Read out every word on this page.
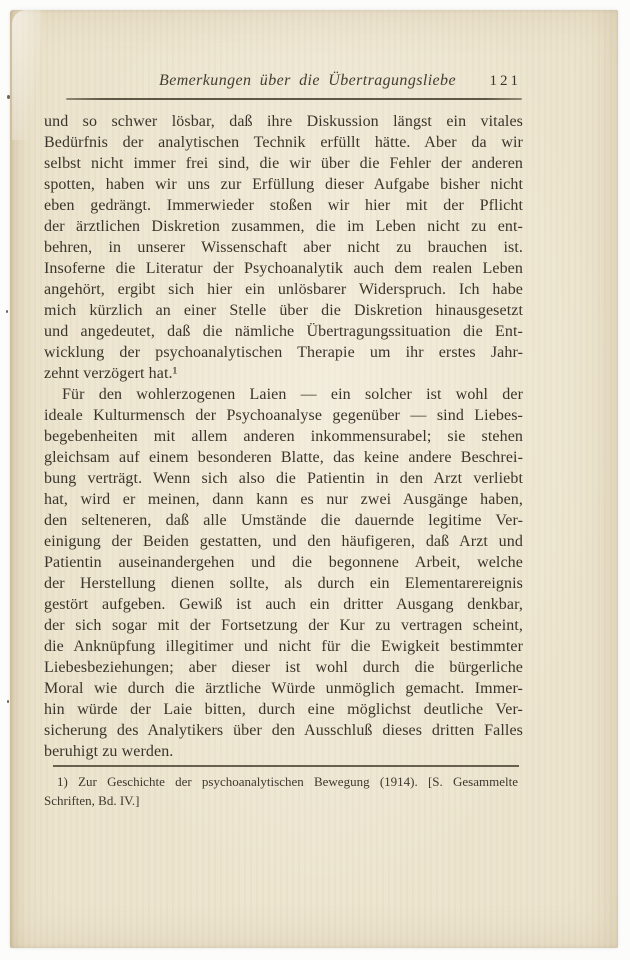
Bemerkungen über die Übertragungsliebe 121
und so schwer lösbar, daß ihre Diskussion längst ein vitales
Bedürfnis der analytischen Technik erfüllt hätte. Aber da wir
selbst nicht immer frei sind, die wir über die Fehler der anderen
spotten, haben wir uns zur Erfüllung dieser Aufgabe bisher nicht
eben gedrängt. Immerwieder stoßen wir hier mit der Pflicht
der ärztlichen Diskretion zusammen, die im Leben nicht zu ent-
behren, in unserer Wissenschaft aber nicht zu brauchen ist.
Insoferne die Literatur der Psychoanalytik auch dem realen Leben
angehört, ergibt sich hier ein unlösbarer Widerspruch. Ich habe
mich kürzlich an einer Stelle über die Diskretion hinausgesetzt
und angedeutet, daß die nämliche Übertragungssituation die Ent-
wicklung der psychoanalytischen Therapie um ihr erstes Jahr-
zehnt verzögert hat.¹
Für den wohlerzogenen Laien — ein solcher ist wohl der
ideale Kulturmensch der Psychoanalyse gegenüber — sind Liebes-
begebenheiten mit allem anderen inkommensurabel; sie stehen
gleichsam auf einem besonderen Blatte, das keine andere Beschrei-
bung verträgt. Wenn sich also die Patientin in den Arzt verliebt
hat, wird er meinen, dann kann es nur zwei Ausgänge haben,
den selteneren, daß alle Umstände die dauernde legitime Ver-
einigung der Beiden gestatten, und den häufigeren, daß Arzt und
Patientin auseinandergehen und die begonnene Arbeit, welche
der Herstellung dienen sollte, als durch ein Elementarereignis
gestört aufgeben. Gewiß ist auch ein dritter Ausgang denkbar,
der sich sogar mit der Fortsetzung der Kur zu vertragen scheint,
die Anknüpfung illegitimer und nicht für die Ewigkeit bestimmter
Liebesbeziehungen; aber dieser ist wohl durch die bürgerliche
Moral wie durch die ärztliche Würde unmöglich gemacht. Immer-
hin würde der Laie bitten, durch eine möglichst deutliche Ver-
sicherung des Analytikers über den Ausschluß dieses dritten Falles
beruhigt zu werden.
1) Zur Geschichte der psychoanalytischen Bewegung (1914). [S. Gesammelte
Schriften, Bd. IV.]
